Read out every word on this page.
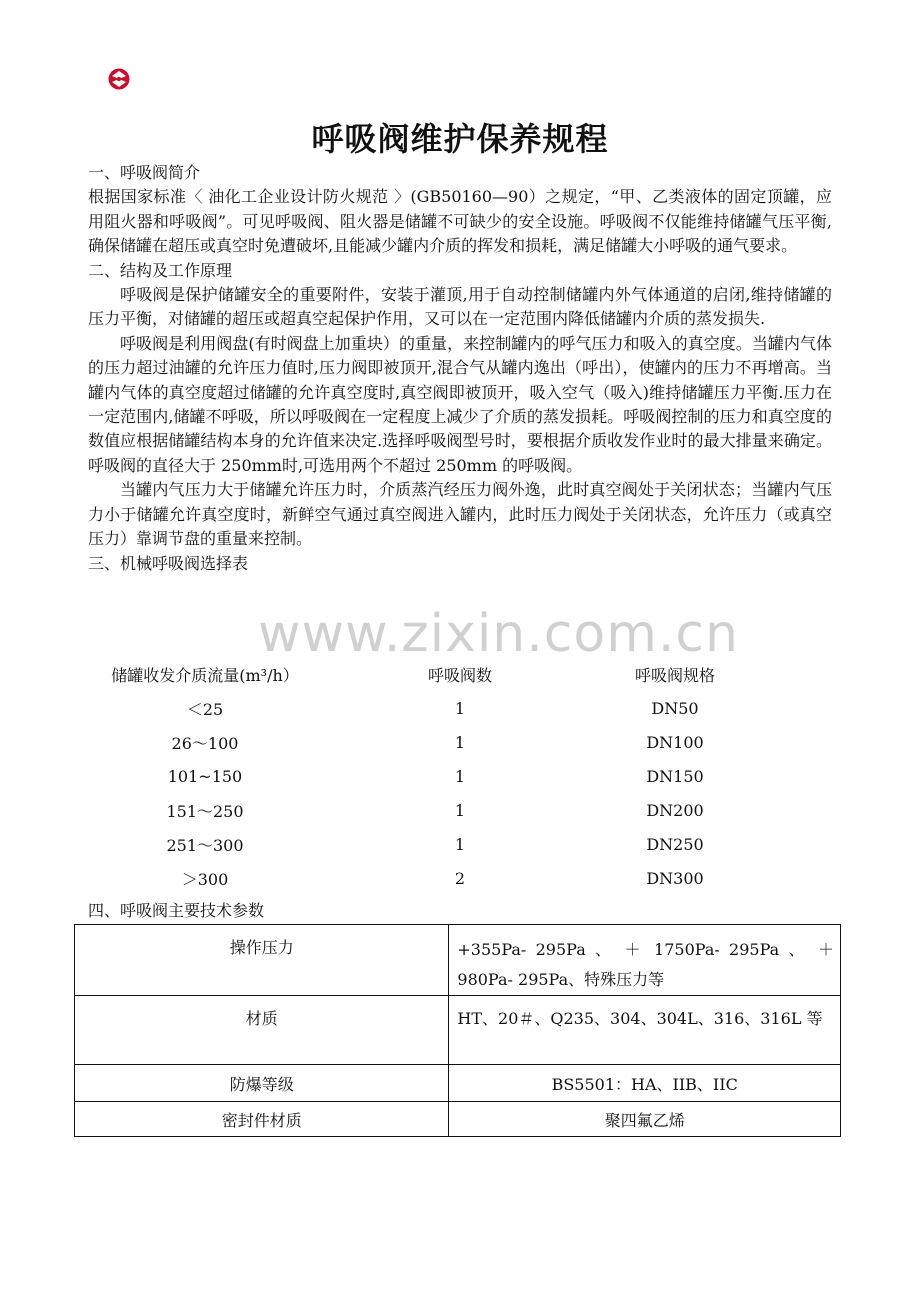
www.zixin.com.cn
呼吸阀维护保养规程

一、呼吸阀简介

根据国家标准〈 油化工企业设计防火规范 〉(GB50160—90）之规定，“甲、乙类液体的固定顶罐，应用阻火器和呼吸阀”。可见呼吸阀、阻火器是储罐不可缺少的安全设施。呼吸阀不仅能维持储罐气压平衡,确保储罐在超压或真空时免遭破坏,且能减少罐内介质的挥发和损耗，满足储罐大小呼吸的通气要求。

二、结构及工作原理

呼吸阀是保护储罐安全的重要附件，安装于灌顶,用于自动控制储罐内外气体通道的启闭,维持储罐的压力平衡，对储罐的超压或超真空起保护作用，又可以在一定范围内降低储罐内介质的蒸发损失.

呼吸阀是利用阀盘(有时阀盘上加重块）的重量，来控制罐内的呼气压力和吸入的真空度。当罐内气体的压力超过油罐的允许压力值时,压力阀即被顶开,混合气从罐内逸出（呼出），使罐内的压力不再增高。当罐内气体的真空度超过储罐的允许真空度时,真空阀即被顶开，吸入空气（吸入)维持储罐压力平衡.压力在一定范围内,储罐不呼吸，所以呼吸阀在一定程度上减少了介质的蒸发损耗。呼吸阀控制的压力和真空度的数值应根据储罐结构本身的允许值来决定.选择呼吸阀型号时，要根据介质收发作业时的最大排量来确定。呼吸阀的直径大于 250mm时,可选用两个不超过 250mm 的呼吸阀。

当罐内气压力大于储罐允许压力时，介质蒸汽经压力阀外逸，此时真空阀处于关闭状态；当罐内气压力小于储罐允许真空度时，新鲜空气通过真空阀进入罐内，此时压力阀处于关闭状态，允许压力（或真空压力）靠调节盘的重量来控制。

三、机械呼吸阀选择表

储罐收发介质流量(m³/h）	呼吸阀数	呼吸阀规格
＜25	1	DN50
26～100	1	DN100
101~150	1	DN150
151～250	1	DN200
251～300	1	DN250
＞300	2	DN300
四、呼吸阀主要技术参数
操作压力	+355Pa- 295Pa 、 ＋ 1750Pa- 295Pa 、 ＋ 980Pa- 295Pa、特殊压力等
材质	HT、20＃、Q235、304、304L、316、316L 等
防爆等级	BS5501：HA、IIB、IIC
密封件材质	聚四氟乙烯
